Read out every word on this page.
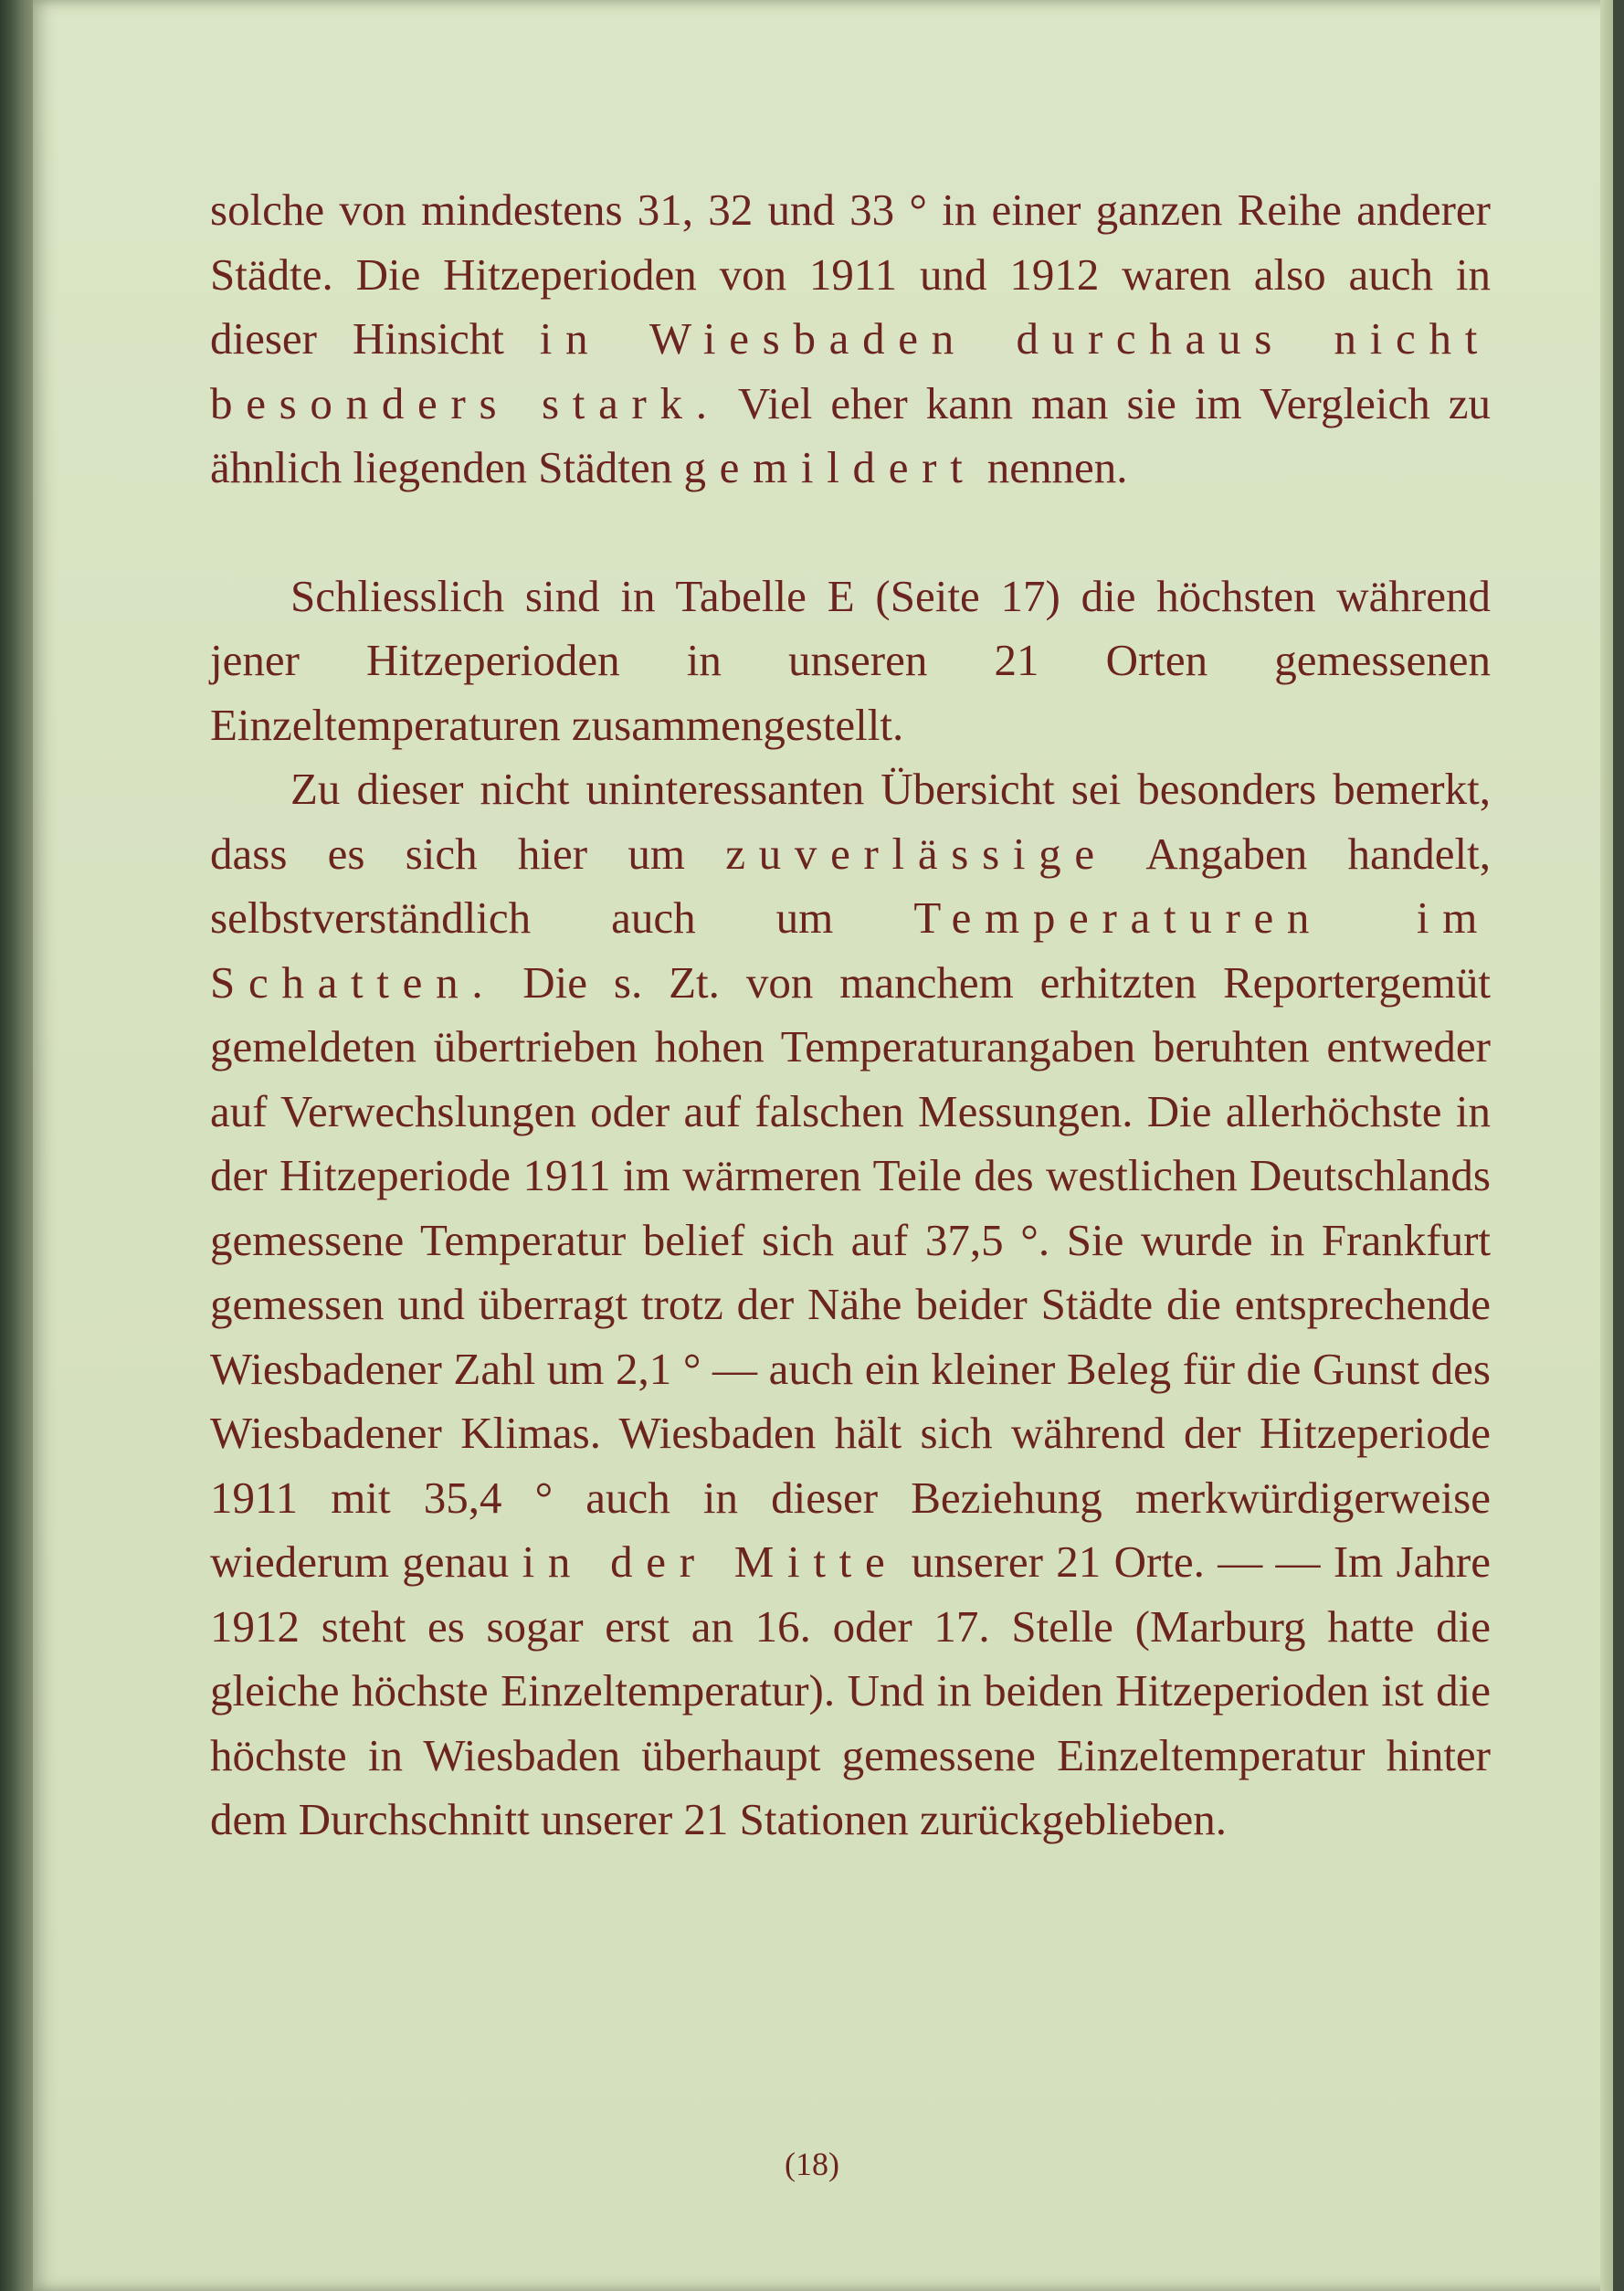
solche von mindestens 31, 32 und 33 ° in einer ganzen Reihe anderer Städte. Die Hitzeperioden von 1911 und 1912 waren also auch in dieser Hinsicht in Wiesbaden durchaus nicht besonders stark. Viel eher kann man sie im Vergleich zu ähnlich liegenden Städten gemildert nennen.

Schliesslich sind in Tabelle E (Seite 17) die höchsten während jener Hitzeperioden in unseren 21 Orten gemessenen Einzeltemperaturen zusammengestellt.

Zu dieser nicht uninteressanten Übersicht sei besonders bemerkt, dass es sich hier um zuverlässige Angaben handelt, selbstverständlich auch um Temperaturen im Schatten. Die s. Zt. von manchem erhitzten Reportergemüt gemeldeten übertrieben hohen Temperaturangaben beruhten entweder auf Verwechslungen oder auf falschen Messungen. Die allerhöchste in der Hitzeperiode 1911 im wärmeren Teile des westlichen Deutschlands gemessene Temperatur belief sich auf 37,5 °. Sie wurde in Frankfurt gemessen und überragt trotz der Nähe beider Städte die entsprechende Wiesbadener Zahl um 2,1 ° — auch ein kleiner Beleg für die Gunst des Wiesbadener Klimas. Wiesbaden hält sich während der Hitzeperiode 1911 mit 35,4 ° auch in dieser Beziehung merkwürdigerweise wiederum genau in der Mitte unserer 21 Orte. — — Im Jahre 1912 steht es sogar erst an 16. oder 17. Stelle (Marburg hatte die gleiche höchste Einzeltemperatur). Und in beiden Hitzeperioden ist die höchste in Wiesbaden überhaupt gemessene Einzeltemperatur hinter dem Durchschnitt unserer 21 Stationen zurückgeblieben.

(18)
